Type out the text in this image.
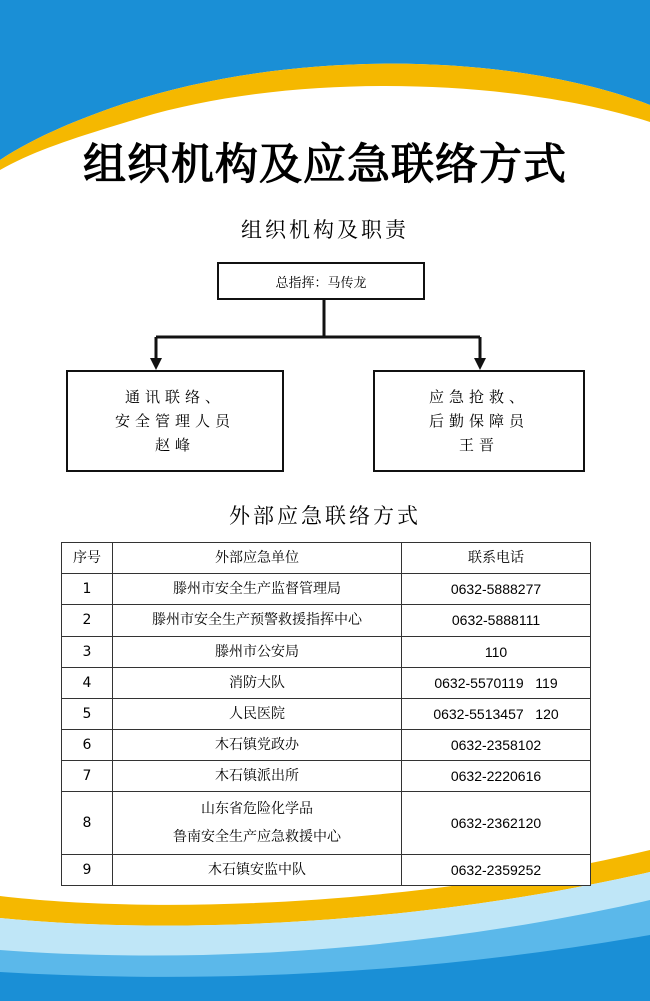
组织机构及应急联络方式
组织机构及职责
总指挥：马传龙
通讯联络、
安全管理人员
赵峰
应急抢救、
后勤保障员
王晋
外部应急联络方式
序号	外部应急单位	联系电话
1	滕州市安全生产监督管理局	0632-5888277
2	滕州市安全生产预警救援指挥中心	0632-5888111
3	滕州市公安局	110
4	消防大队	0632-5570119   119
5	人民医院	0632-5513457   120
6	木石镇党政办	0632-2358102
7	木石镇派出所	0632-2220616
8	山东省危险化学品
鲁南安全生产应急救援中心	0632-2362120
9	木石镇安监中队	0632-2359252
